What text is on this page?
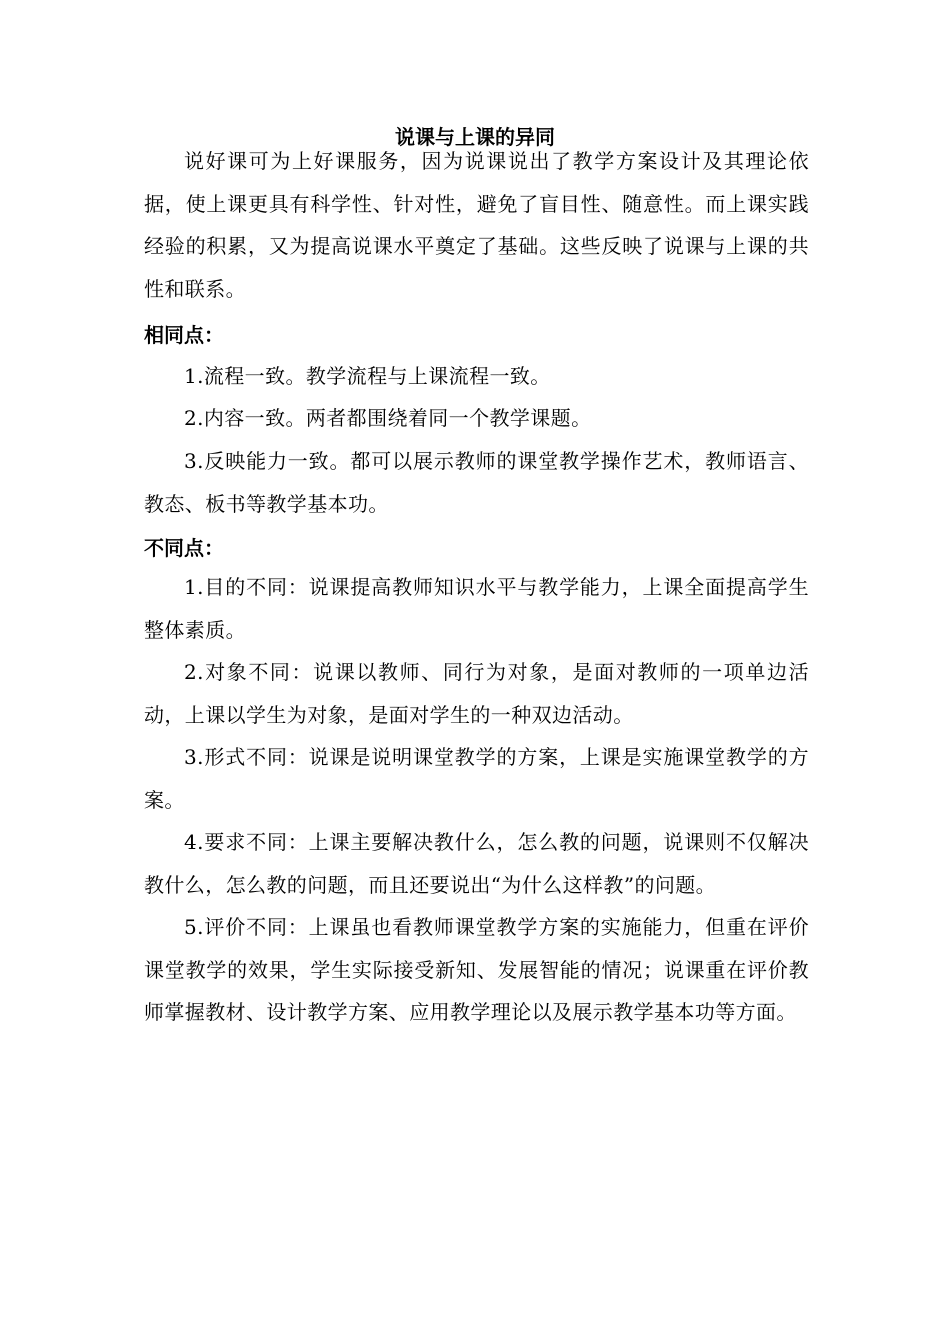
说课与上课的异同
说好课可为上好课服务，因为说课说出了教学方案设计及其理论依据，使上课更具有科学性、针对性，避免了盲目性、随意性。而上课实践经验的积累，又为提高说课水平奠定了基础。这些反映了说课与上课的共性和联系。
相同点：
1.流程一致。教学流程与上课流程一致。
2.内容一致。两者都围绕着同一个教学课题。
3.反映能力一致。都可以展示教师的课堂教学操作艺术，教师语言、教态、板书等教学基本功。
不同点：
1.目的不同：说课提高教师知识水平与教学能力，上课全面提高学生整体素质。
2.对象不同：说课以教师、同行为对象，是面对教师的一项单边活动，上课以学生为对象，是面对学生的一种双边活动。
3.形式不同：说课是说明课堂教学的方案，上课是实施课堂教学的方案。
4.要求不同：上课主要解决教什么，怎么教的问题，说课则不仅解决教什么，怎么教的问题，而且还要说出“为什么这样教”的问题。
5.评价不同：上课虽也看教师课堂教学方案的实施能力，但重在评价课堂教学的效果，学生实际接受新知、发展智能的情况；说课重在评价教师掌握教材、设计教学方案、应用教学理论以及展示教学基本功等方面。
